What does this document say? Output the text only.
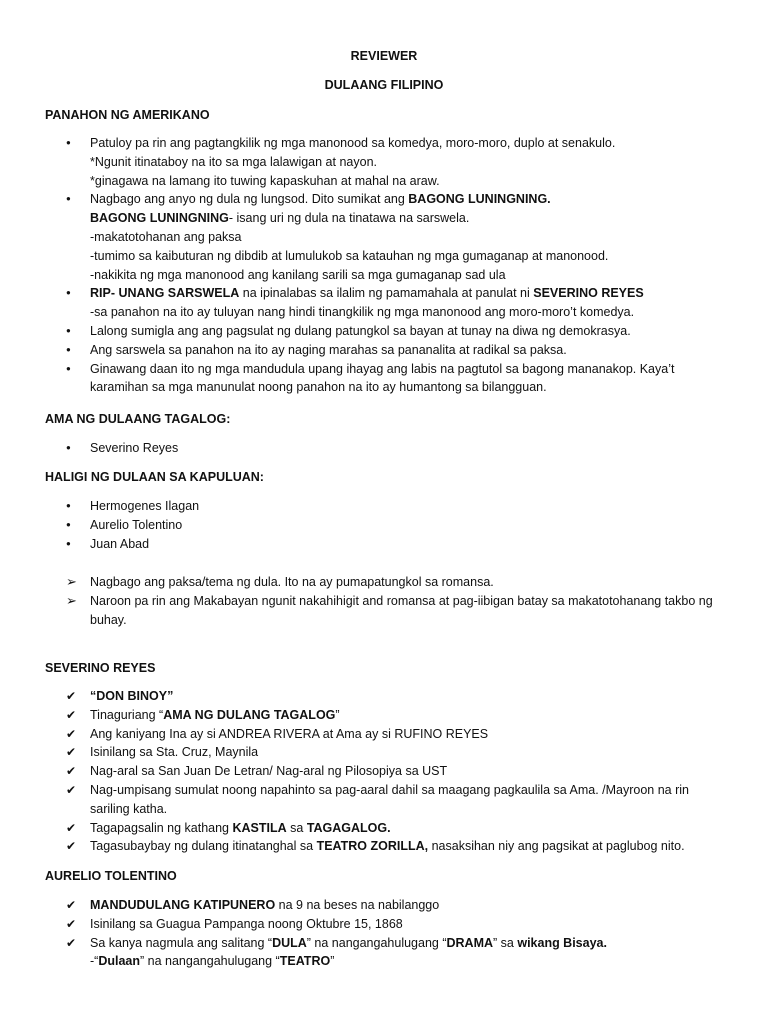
REVIEWER
DULAANG FILIPINO
PANAHON NG AMERIKANO
●
Patuloy pa rin ang pagtangkilik ng mga manonood sa komedya, moro-moro, duplo at senakulo.
*Ngunit itinataboy na ito sa mga lalawigan at nayon.
*ginagawa na lamang ito tuwing kapaskuhan at mahal na araw.
●
Nagbago ang anyo ng dula ng lungsod. Dito sumikat ang BAGONG LUNINGNING.
BAGONG LUNINGNING- isang uri ng dula na tinatawa na sarswela.
-makatotohanan ang paksa
-tumimo sa kaibuturan ng dibdib at lumulukob sa katauhan ng mga gumaganap at manonood.
-nakikita ng mga manonood ang kanilang sarili sa mga gumaganap sad ula
●
RIP- UNANG SARSWELA na ipinalabas sa ilalim ng pamamahala at panulat ni SEVERINO REYES
-sa panahon na ito ay tuluyan nang hindi tinangkilik ng mga manonood ang moro-moro’t komedya.
●
Lalong sumigla ang ang pagsulat ng dulang patungkol sa bayan at tunay na diwa ng demokrasya.
●
Ang sarswela sa panahon na ito ay naging marahas sa pananalita at radikal sa paksa.
●
Ginawang daan ito ng mga mandudula upang ihayag ang labis na pagtutol sa bagong mananakop. Kaya’t
karamihan sa mga manunulat noong panahon na ito ay humantong sa bilangguan.
AMA NG DULAANG TAGALOG:
●
Severino Reyes
HALIGI NG DULAAN SA KAPULUAN:
●
Hermogenes Ilagan
●
Aurelio Tolentino
●
Juan Abad
➢
Nagbago ang paksa/tema ng dula. Ito na ay pumapatungkol sa romansa.
➢
Naroon pa rin ang Makabayan ngunit nakahihigit and romansa at pag-iibigan batay sa makatotohanang takbo ng
buhay.
SEVERINO REYES
✔
“DON BINOY”
✔
Tinaguriang “AMA NG DULANG TAGALOG”
✔
Ang kaniyang Ina ay si ANDREA RIVERA at Ama ay si RUFINO REYES
✔
Isinilang sa Sta. Cruz, Maynila
✔
Nag-aral sa San Juan De Letran/ Nag-aral ng Pilosopiya sa UST
✔
Nag-umpisang sumulat noong napahinto sa pag-aaral dahil sa maagang pagkaulila sa Ama. /Mayroon na rin
sariling katha.
✔
Tagapagsalin ng kathang KASTILA sa TAGAGALOG.
✔
Tagasubaybay ng dulang itinatanghal sa TEATRO ZORILLA, nasaksihan niy ang pagsikat at paglubog nito.
AURELIO TOLENTINO
✔
MANDUDULANG KATIPUNERO na 9 na beses na nabilanggo
✔
Isinilang sa Guagua Pampanga noong Oktubre 15, 1868
✔
Sa kanya nagmula ang salitang “DULA” na nangangahulugang “DRAMA” sa wikang Bisaya.
-“Dulaan” na nangangahulugang “TEATRO”
